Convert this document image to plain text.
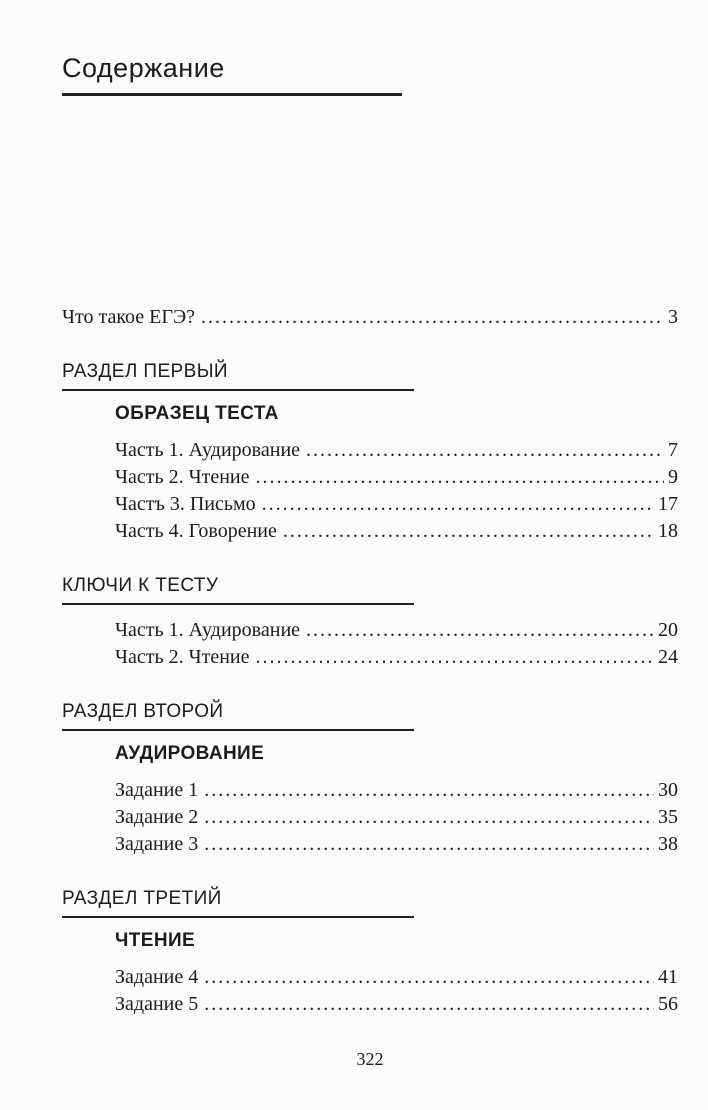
Содержание
Что такое ЕГЭ? .....	3
РАЗДЕЛ ПЕРВЫЙ
ОБРАЗЕЦ ТЕСТА
Часть 1. Аудирование .....	7
Часть 2. Чтение .....	9
Частъ 3. Письмо .....	17
Часть 4. Говорение .....	18
КЛЮЧИ К ТЕСТУ
Часть 1. Аудирование .....	20
Часть 2. Чтение .....	24
РАЗДЕЛ ВТОРОЙ
АУДИРОВАНИЕ
Задание 1 .....	30
Задание 2 .....	35
Задание 3 .....	38
РАЗДЕЛ ТРЕТИЙ
ЧТЕНИЕ
Задание 4 .....	41
Задание 5 .....	56
322
